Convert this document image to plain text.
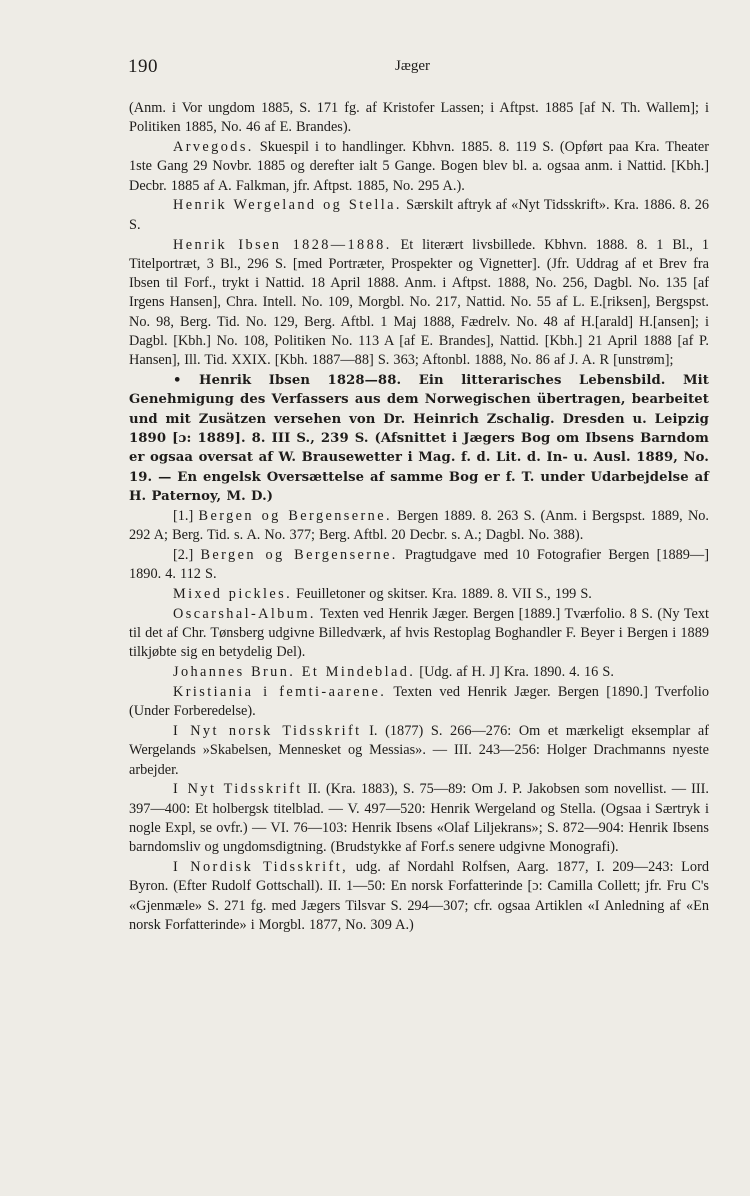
190	Jæger

(Anm. i Vor ungdom 1885, S. 171 fg. af Kristofer Lassen; i Aftpst. 1885 [af N. Th. Wallem]; i Politiken 1885, No. 46 af E. Brandes).

Arvegods. Skuespil i to handlinger. Kbhvn. 1885. 8. 119 S. (Opført paa Kra. Theater 1ste Gang 29 Novbr. 1885 og derefter ialt 5 Gange. Bogen blev bl. a. ogsaa anm. i Nattid. [Kbh.] Decbr. 1885 af A. Falkman, jfr. Aftpst. 1885, No. 295 A.).

Henrik Wergeland og Stella. Særskilt aftryk af «Nyt Tidsskrift». Kra. 1886. 8. 26 S.

Henrik Ibsen 1828—1888. Et literært livsbillede. Kbhvn. 1888. 8. 1 Bl., 1 Titelportræt, 3 Bl., 296 S. [med Portræter, Prospekter og Vignetter]. (Jfr. Uddrag af et Brev fra Ibsen til Forf., trykt i Nattid. 18 April 1888. Anm. i Aftpst. 1888, No. 256, Dagbl. No. 135 [af Irgens Hansen], Chra. Intell. No. 109, Morgbl. No. 217, Nattid. No. 55 af L. E.[riksen], Bergspst. No. 98, Berg. Tid. No. 129, Berg. Aftbl. 1 Maj 1888, Fædrelv. No. 48 af H.[arald] H.[ansen]; i Dagbl. [Kbh.] No. 108, Politiken No. 113 A [af E. Brandes], Nattid. [Kbh.] 21 April 1888 [af P. Hansen], Ill. Tid. XXIX. [Kbh. 1887—88] S. 363; Aftonbl. 1888, No. 86 af J. A. R [unstrøm];

• Henrik Ibsen 1828—88. Ein litterarisches Lebensbild. Mit Genehmigung des Verfassers aus dem Norwegischen übertragen, bearbeitet und mit Zusätzen versehen von Dr. Heinrich Zschalig. Dresden u. Leipzig 1890 [ɔ: 1889]. 8. III S., 239 S. (Afsnittet i Jægers Bog om Ibsens Barndom er ogsaa oversat af W. Brausewetter i Mag. f. d. Lit. d. In- u. Ausl. 1889, No. 19. — En engelsk Oversættelse af samme Bog er f. T. under Udarbejdelse af H. Paternoy, M. D.)

[1.] Bergen og Bergenserne. Bergen 1889. 8. 263 S. (Anm. i Bergspst. 1889, No. 292 A; Berg. Tid. s. A. No. 377; Berg. Aftbl. 20 Decbr. s. A.; Dagbl. No. 388).

[2.] Bergen og Bergenserne. Pragtudgave med 10 Fotografier Bergen [1889—] 1890. 4. 112 S.

Mixed pickles. Feuilletoner og skitser. Kra. 1889. 8. VII S., 199 S.

Oscarshal-Album. Texten ved Henrik Jæger. Bergen [1889.] Tværfolio. 8 S. (Ny Text til det af Chr. Tønsberg udgivne Billedværk, af hvis Restoplag Boghandler F. Beyer i Bergen i 1889 tilkjøbte sig en betydelig Del).

Johannes Brun. Et Mindeblad. [Udg. af H. J] Kra. 1890. 4. 16 S.

Kristiania i femti-aarene. Texten ved Henrik Jæger. Bergen [1890.] Tverfolio (Under Forberedelse).

I Nyt norsk Tidsskrift I. (1877) S. 266—276: Om et mærkeligt eksemplar af Wergelands »Skabelsen, Mennesket og Messias». — III. 243—256: Holger Drachmanns nyeste arbejder.

I Nyt Tidsskrift II. (Kra. 1883), S. 75—89: Om J. P. Jakobsen som novellist. — III. 397—400: Et holbergsk titelblad. — V. 497—520: Henrik Wergeland og Stella. (Ogsaa i Særtryk i nogle Expl, se ovfr.) — VI. 76—103: Henrik Ibsens «Olaf Liljekrans»; S. 872—904: Henrik Ibsens barndomsliv og ungdomsdigtning. (Brudstykke af Forf.s senere udgivne Monografi).

I Nordisk Tidsskrift, udg. af Nordahl Rolfsen, Aarg. 1877, I. 209—243: Lord Byron. (Efter Rudolf Gottschall). II. 1—50: En norsk Forfatterinde [ɔ: Camilla Collett; jfr. Fru C's «Gjenmæle» S. 271 fg. med Jægers Tilsvar S. 294—307; cfr. ogsaa Artiklen «I Anledning af «En norsk Forfatterinde» i Morgbl. 1877, No. 309 A.)
